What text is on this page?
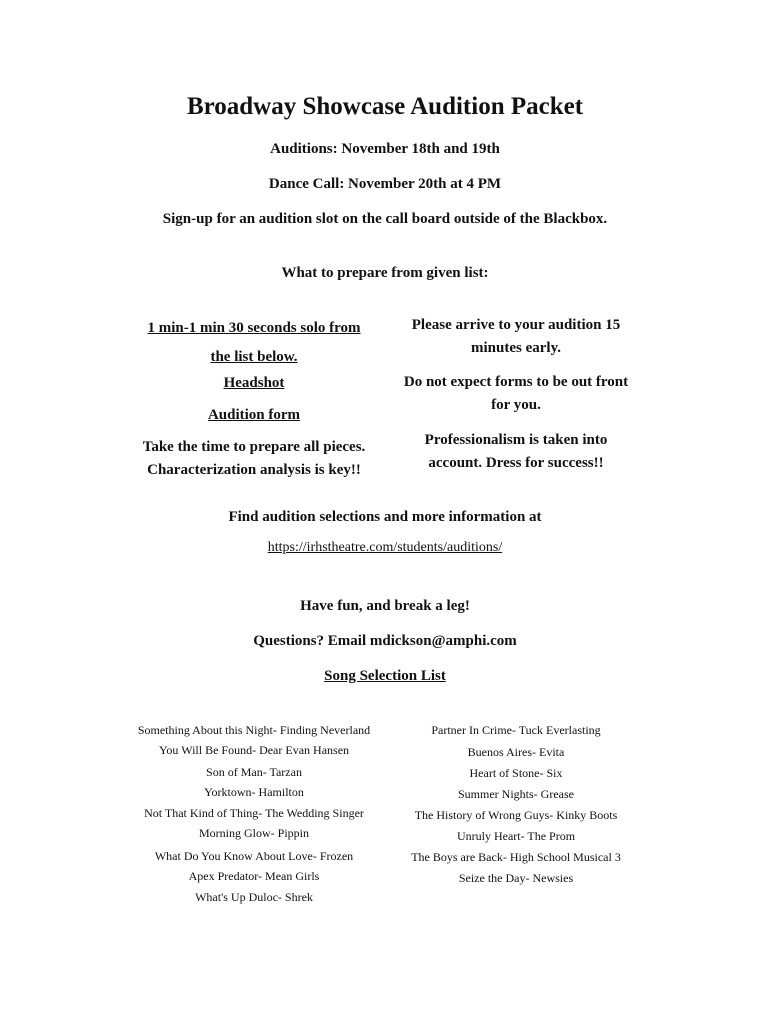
Broadway Showcase Audition Packet
Auditions: November 18th and 19th
Dance Call: November 20th at 4 PM
Sign-up for an audition slot on the call board outside of the Blackbox.
What to prepare from given list:
1 min-1 min 30 seconds solo from
the list below.
Headshot
Audition form
Take the time to prepare all pieces.
Characterization analysis is key!!
Please arrive to your audition 15
minutes early.
Do not expect forms to be out front
for you.
Professionalism is taken into
account. Dress for success!!
Find audition selections and more information at
https://irhstheatre.com/students/auditions/
Have fun, and break a leg!
Questions? Email mdickson@amphi.com
Song Selection List
Something About this Night- Finding Neverland
You Will Be Found- Dear Evan Hansen
Son of Man- Tarzan
Yorktown- Hamilton
Not That Kind of Thing- The Wedding Singer
Morning Glow- Pippin
What Do You Know About Love- Frozen
Apex Predator- Mean Girls
What's Up Duloc- Shrek
Partner In Crime- Tuck Everlasting
Buenos Aires- Evita
Heart of Stone- Six
Summer Nights- Grease
The History of Wrong Guys- Kinky Boots
Unruly Heart- The Prom
The Boys are Back- High School Musical 3
Seize the Day- Newsies
